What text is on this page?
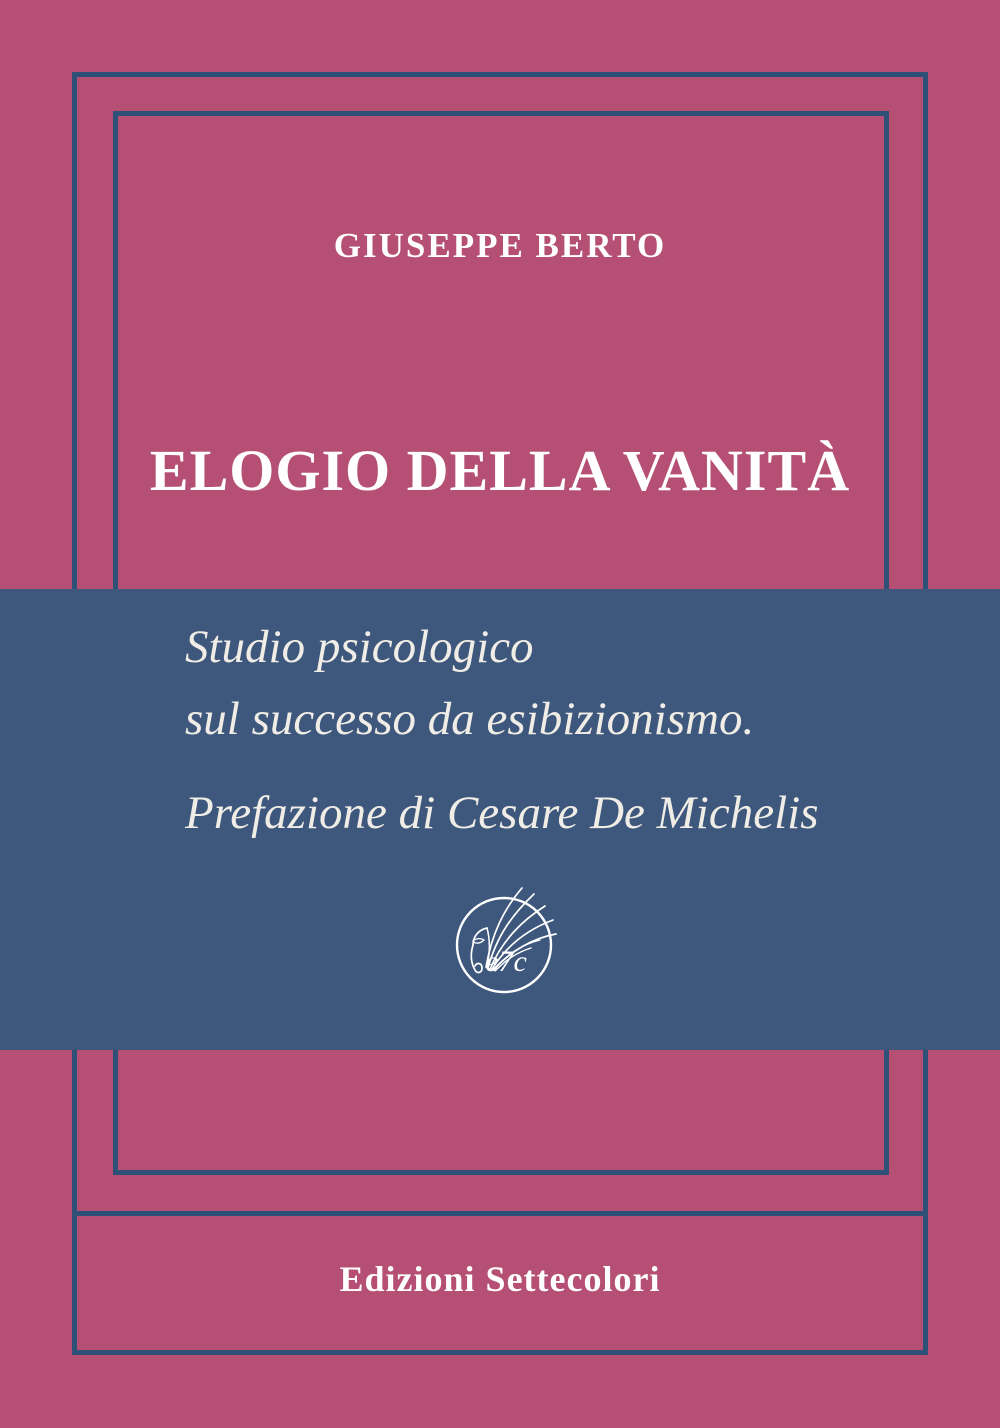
GIUSEPPE BERTO
ELOGIO DELLA VANITÀ
Studio psicologico
sul successo da esibizionismo.
Prefazione di Cesare De Michelis
e7c
Edizioni Settecolori
